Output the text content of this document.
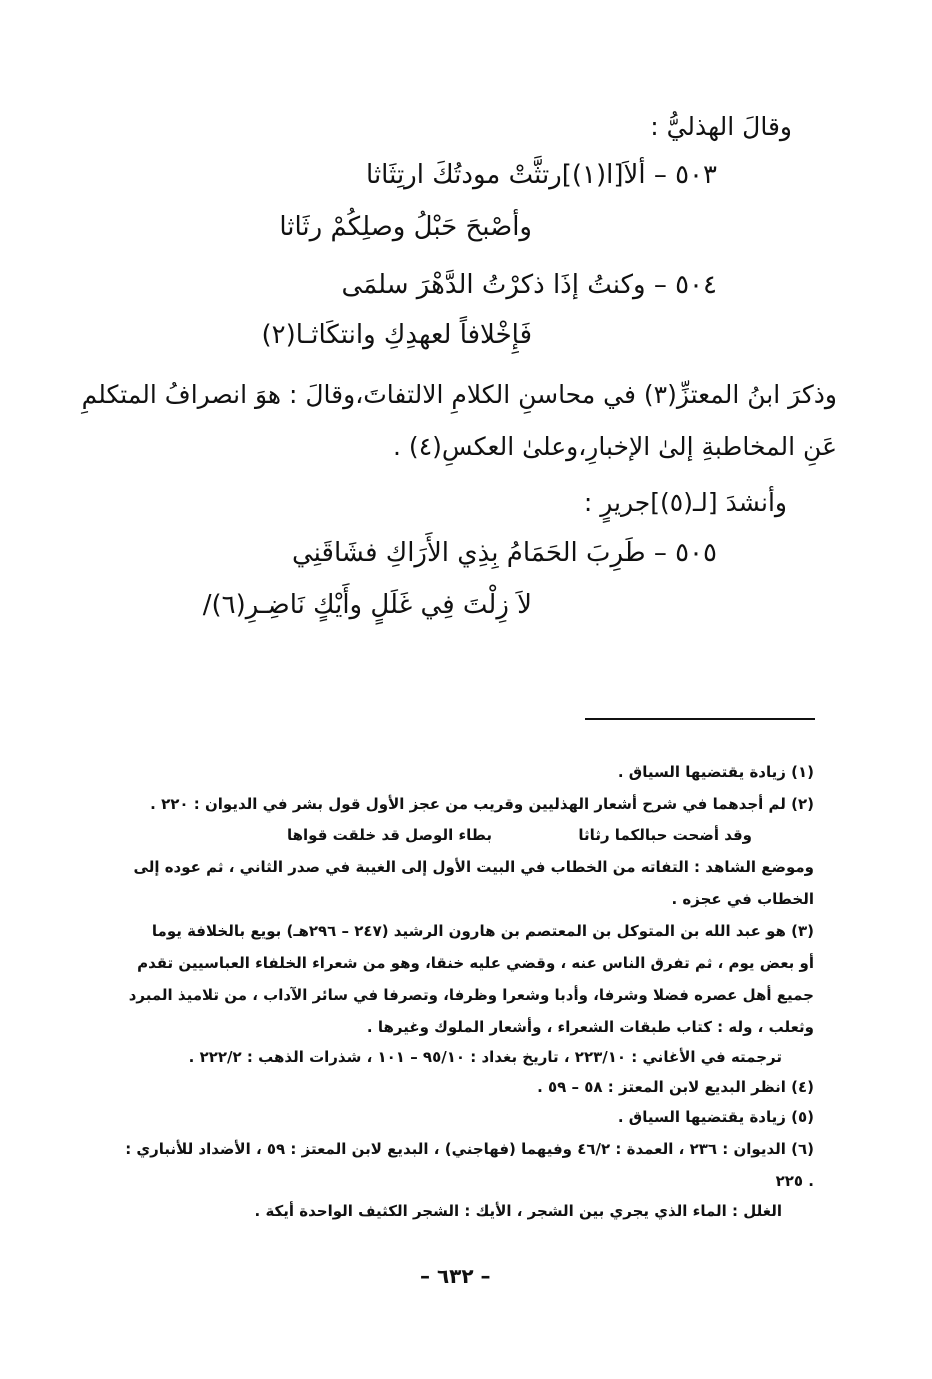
وقالَ الهذليُّ :
٥٠٣ – ألاَ[ا(١)]رتثَّتْ مودتُكَ ارتِثَاثا
وأصْبحَ حَبْلُ وصلِكُمْ رثَاثا
٥٠٤ – وكنتُ إذَا ذكرْتُ الدَّهْرَ سلمَى
فَإِخْلافاً لعهدِكِ وانتكَاثـا(٢)
وذكرَ ابنُ المعتزِّ(٣) في محاسنِ الكلامِ الالتفاتَ،وقالَ : هوَ انصرافُ المتكلمِ
عَنِ المخاطبةِ إلىٰ الإخبارِ،وعلىٰ العكسِ(٤) .
وأنشدَ [لـ(٥)]جريرٍ :
٥٠٥ – طَرِبَ الحَمَامُ بِذِي الأَرَاكِ فشَاقَنِي
لاَ زِلْتَ فِي غَلَلٍ وأَيْكٍ نَاضِـرِ(٦)/
(١) زيادة يقتضيها السياق .
(٢) لم أجدهما في شرح أشعار الهذليين وقريب من عجز الأول قول بشر في الديوان : ٢٢٠ .
وقد أضحت حبالكما رثاثا
بطاء الوصل قد خلقت قواها
وموضع الشاهد : التفاته من الخطاب في البيت الأول إلى الغيبة في صدر الثاني ، ثم عوده إلى
الخطاب في عجزه .
(٣) هو عبد الله بن المتوكل بن المعتصم بن هارون الرشيد (٢٤٧ – ٢٩٦هـ) بويع بالخلافة يوما
أو بعض يوم ، ثم تفرق الناس عنه ، وقضي عليه خنقا، وهو من شعراء الخلفاء العباسيين تقدم
جميع أهل عصره فضلا وشرفا، وأدبا وشعرا وظرفا، وتصرفا في سائر الآداب ، من تلاميذ المبرد
وثعلب ، وله : كتاب طبقات الشعراء ، وأشعار الملوك وغيرها .
ترجمته في الأغاني : ٢٢٣/١٠ ، تاريخ بغداد : ٩٥/١٠ – ١٠١ ، شذرات الذهب : ٢٢٢/٢ .
(٤) انظر البديع لابن المعتز : ٥٨ – ٥٩ .
(٥) زيادة يقتضيها السياق .
(٦) الديوان : ٢٣٦ ، العمدة : ٤٦/٢ وفيهما (فهاجني) ، البديع لابن المعتز : ٥٩ ، الأضداد للأنباري :
٢٢٥ .
الغلل : الماء الذي يجري بين الشجر ، الأيك : الشجر الكثيف الواحدة أيكة .
– ٦٣٢ –
